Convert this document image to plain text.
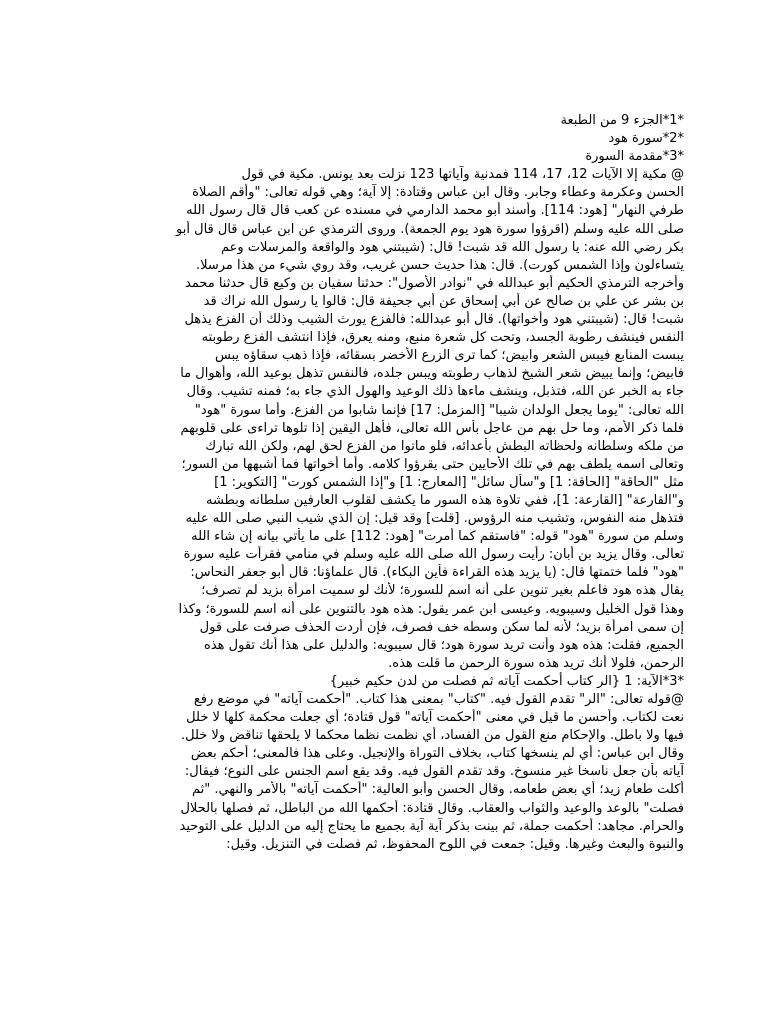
*1*الجزء 9 من الطبعة
*2*سورة هود
*3*مقدمة السورة
@ مكية إلا الآيات 12، 17، 114 فمدنية وآياتها 123 نزلت بعد يونس. مكية في قول
الحسن وعكرمة وعطاء وجابر. وقال ابن عباس وقتادة: إلا آية؛ وهي قوله تعالى: "وأقم الصلاة
طرفي النهار" [هود: 114]. وأسند أبو محمد الدارمي في مسنده عن كعب قال قال رسول الله
صلى الله عليه وسلم (اقرؤوا سورة هود يوم الجمعة). وروى الترمذي عن ابن عباس قال قال أبو
بكر رضي الله عنه: يا رسول الله قد شبت! قال: (شيبتني هود والواقعة والمرسلات وعم
يتساءلون وإذا الشمس كورت). قال: هذا حديث حسن غريب، وقد روي شيء من هذا مرسلا.
وأخرجه الترمذي الحكيم أبو عبدالله في "نوادر الأصول": حدثنا سفيان بن وكيع قال حدثنا محمد
بن بشر عن علي بن صالح عن أبي إسحاق عن أبي جحيفة قال: قالوا يا رسول الله نراك قد
شبت! قال: (شيبتني هود وأخواتها). قال أبو عبدالله: فالفزع يورث الشيب وذلك أن الفزع يذهل
النفس فينشف رطوبة الجسد، وتحت كل شعرة منبع، ومنه يعرق، فإذا انتشف الفزع رطوبته
يبست المنابع فيبس الشعر وابيض؛ كما ترى الزرع الأخضر بسقائه، فإذا ذهب سقاؤه يبس
فابيض؛ وإنما يبيض شعر الشيخ لذهاب رطوبته ويبس جلده، فالنفس تذهل بوعيد الله، وأهوال ما
جاء به الخبر عن الله، فتذبل، وينشف ماءها ذلك الوعيد والهول الذي جاء به؛ فمنه تشيب. وقال
الله تعالى: "يوما يجعل الولدان شيبا" [المزمل: 17] فإنما شابوا من الفزع. وأما سورة "هود"
فلما ذكر الأمم، وما حل بهم من عاجل بأس الله تعالى، فأهل اليقين إذا تلوها تراءى على قلوبهم
من ملكه وسلطانه ولحظاته البطش بأعدائه، فلو ماتوا من الفزع لحق لهم، ولكن الله تبارك
وتعالى اسمه يلطف بهم في تلك الأحايين حتى يقرؤوا كلامه. وأما أخواتها فما أشبهها من السور؛
مثل "الحاقة" [الحاقة: 1] و"سأل سائل" [المعارج: 1] و"إذا الشمس كورت" [التكوير: 1]
و"القارعة" [القارعة: 1]، ففي تلاوة هذه السور ما يكشف لقلوب العارفين سلطانه وبطشه
فتذهل منه النفوس، وتشيب منه الرؤوس. [قلت] وقد قيل: إن الذي شيب النبي صلى الله عليه
وسلم من سورة "هود" قوله: "فاستقم كما أمرت" [هود: 112] على ما يأتي بيانه إن شاء الله
تعالى. وقال يزيد بن أبان: رأيت رسول الله صلى الله عليه وسلم في منامي فقرأت عليه سورة
"هود" فلما ختمتها قال: (يا يزيد هذه القراءة فأين البكاء). قال علماؤنا: قال أبو جعفر النحاس:
يقال هذه هود فاعلم بغير تنوين على أنه اسم للسورة؛ لأنك لو سميت امرأة بزيد لم تصرف؛
وهذا قول الخليل وسيبويه. وعيسى ابن عمر يقول: هذه هود بالتنوين على أنه اسم للسورة؛ وكذا
إن سمى امرأة بزيد؛ لأنه لما سكن وسطه خف فصرف، فإن أردت الحذف صرفت على قول
الجميع، فقلت: هذه هود وأنت تريد سورة هود؛ قال سيبويه: والدليل على هذا أنك تقول هذه
الرحمن، فلولا أنك تريد هذه سورة الرحمن ما قلت هذه.
*3*الآية: 1 {الر كتاب أحكمت آياته ثم فصلت من لدن حكيم خبير}
@قوله تعالى: "الر" تقدم القول فيه. "كتاب" بمعنى هذا كتاب. "أحكمت آياته" في موضع رفع
نعت لكتاب. وأحسن ما قيل في معنى "أحكمت آياته" قول قتادة؛ أي جعلت محكمة كلها لا خلل
فيها ولا باطل. والإحكام منع القول من الفساد، أي نظمت نظما محكما لا يلحقها تناقض ولا خلل.
وقال ابن عباس: أي لم ينسخها كتاب، بخلاف التوراة والإنجيل. وعلى هذا فالمعنى؛ أحكم بعض
آياته بأن جعل ناسخا غير منسوخ. وقد تقدم القول فيه. وقد يقع اسم الجنس على النوع؛ فيقال:
أكلت طعام زيد؛ أي بعض طعامه. وقال الحسن وأبو العالية: "أحكمت آياته" بالأمر والنهي. "ثم
فصلت" بالوعد والوعيد والثواب والعقاب. وقال قتادة: أحكمها الله من الباطل، ثم فصلها بالحلال
والحرام. مجاهد: أحكمت جملة، ثم بينت بذكر آية آية بجميع ما يحتاج إليه من الدليل على التوحيد
والنبوة والبعث وغيرها. وقيل: جمعت في اللوح المحفوظ، ثم فصلت في التنزيل. وقيل:
